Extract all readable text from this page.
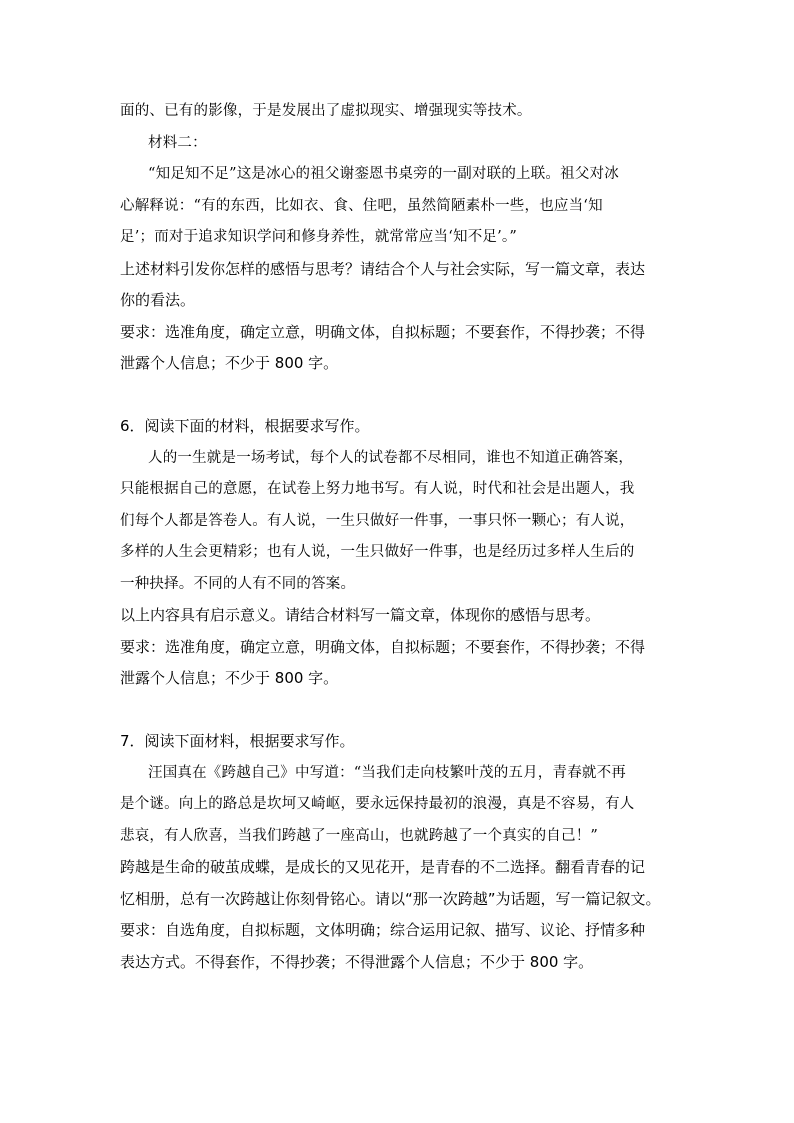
面的、已有的影像，于是发展出了虚拟现实、增强现实等技术。
材料二：
“知足知不足”这是冰心的祖父谢銮恩书桌旁的一副对联的上联。祖父对冰
心解释说：“有的东西，比如衣、食、住吧，虽然简陋素朴一些，也应当‘知
足’；而对于追求知识学问和修身养性，就常常应当‘知不足’。”
上述材料引发你怎样的感悟与思考？请结合个人与社会实际，写一篇文章，表达
你的看法。
要求：选准角度，确定立意，明确文体，自拟标题；不要套作，不得抄袭；不得
泄露个人信息；不少于 800 字。
6．阅读下面的材料，根据要求写作。
人的一生就是一场考试，每个人的试卷都不尽相同，谁也不知道正确答案，
只能根据自己的意愿，在试卷上努力地书写。有人说，时代和社会是出题人，我
们每个人都是答卷人。有人说，一生只做好一件事，一事只怀一颗心；有人说，
多样的人生会更精彩；也有人说，一生只做好一件事，也是经历过多样人生后的
一种抉择。不同的人有不同的答案。
以上内容具有启示意义。请结合材料写一篇文章，体现你的感悟与思考。
要求：选准角度，确定立意，明确文体，自拟标题；不要套作，不得抄袭；不得
泄露个人信息；不少于 800 字。
7．阅读下面材料，根据要求写作。
汪国真在《跨越自己》中写道：“当我们走向枝繁叶茂的五月，青春就不再
是个谜。向上的路总是坎坷又崎岖，要永远保持最初的浪漫，真是不容易，有人
悲哀，有人欣喜，当我们跨越了一座高山，也就跨越了一个真实的自己！”
跨越是生命的破茧成蝶，是成长的又见花开，是青春的不二选择。翻看青春的记
忆相册，总有一次跨越让你刻骨铭心。请以“那一次跨越”为话题，写一篇记叙文。
要求：自选角度，自拟标题，文体明确；综合运用记叙、描写、议论、抒情多种
表达方式。不得套作，不得抄袭；不得泄露个人信息；不少于 800 字。
